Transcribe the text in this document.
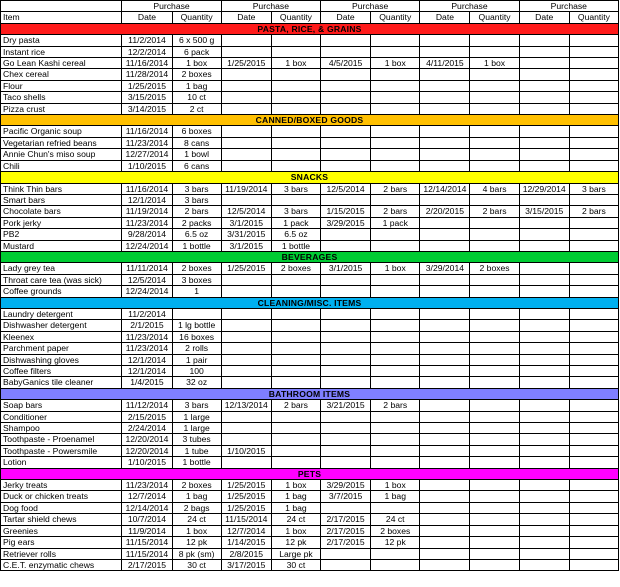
	Purchase		Purchase		Purchase		Purchase		Purchase	
Item	Date	Quantity	Date	Quantity	Date	Quantity	Date	Quantity	Date	Quantity
PASTA, RICE, & GRAINS										
Dry pasta	11/2/2014	6 x 500 g								
Instant rice	12/2/2014	6 pack								
Go Lean Kashi cereal	11/16/2014	1 box	1/25/2015	1 box	4/5/2015	1 box	4/11/2015	1 box		
Chex cereal	11/28/2014	2 boxes								
Flour	1/25/2015	1 bag								
Taco shells	3/15/2015	10 ct								
Pizza crust	3/14/2015	2 ct								
CANNED/BOXED GOODS										
Pacific Organic soup	11/16/2014	6 boxes								
Vegetarian refried beans	11/23/2014	8 cans								
Annie Chun's miso soup	12/27/2014	1 bowl								
Chili	1/10/2015	6 cans								
SNACKS										
Think Thin bars	11/16/2014	3 bars	11/19/2014	3 bars	12/5/2014	2 bars	12/14/2014	4 bars	12/29/2014	3 bars
Smart bars	12/1/2014	3 bars								
Chocolate bars	11/19/2014	2 bars	12/5/2014	3 bars	1/15/2015	2 bars	2/20/2015	2 bars	3/15/2015	2 bars
Pork jerky	11/23/2014	2 packs	3/1/2015	1 pack	3/29/2015	1 pack				
PB2	9/28/2014	6.5 oz	3/31/2015	6.5 oz						
Mustard	12/24/2014	1 bottle	3/1/2015	1 bottle						
BEVERAGES										
Lady grey tea	11/11/2014	2 boxes	1/25/2015	2 boxes	3/1/2015	1 box	3/29/2014	2 boxes		
Throat care tea (was sick)	12/5/2014	3 boxes								
Coffee grounds	12/24/2014	1								
CLEANING/MISC. ITEMS										
Laundry detergent	11/2/2014									
Dishwasher detergent	2/1/2015	1 lg bottle								
Kleenex	11/23/2014	16 boxes								
Parchment paper	11/23/2014	2 rolls								
Dishwashing gloves	12/1/2014	1 pair								
Coffee filters	12/1/2014	100								
BabyGanics tile cleaner	1/4/2015	32 oz								
BATHROOM ITEMS										
Soap bars	11/12/2014	3 bars	12/13/2014	2 bars	3/21/2015	2 bars				
Conditioner	2/15/2015	1 large								
Shampoo	2/24/2014	1 large								
Toothpaste - Proenamel	12/20/2014	3 tubes								
Toothpaste - Powersmile	12/20/2014	1 tube	1/10/2015							
Lotion	1/10/2015	1 bottle								
PETS										
Jerky treats	11/23/2014	2 boxes	1/25/2015	1 box	3/29/2015	1 box				
Duck or chicken treats	12/7/2014	1 bag	1/25/2015	1 bag	3/7/2015	1 bag				
Dog food	12/14/2014	2 bags	1/25/2015	1 bag						
Tartar shield chews	10/7/2014	24 ct	11/15/2014	24 ct	2/17/2015	24 ct				
Greenies	11/9/2014	1 box	12/7/2014	1 box	2/17/2015	2 boxes				
Pig ears	11/15/2014	12 pk	1/14/2015	12 pk	2/17/2015	12 pk				
Retriever rolls	11/15/2014	8 pk (sm)	2/8/2015	Large pk						
C.E.T. enzymatic chews	2/17/2015	30 ct	3/17/2015	30 ct						
